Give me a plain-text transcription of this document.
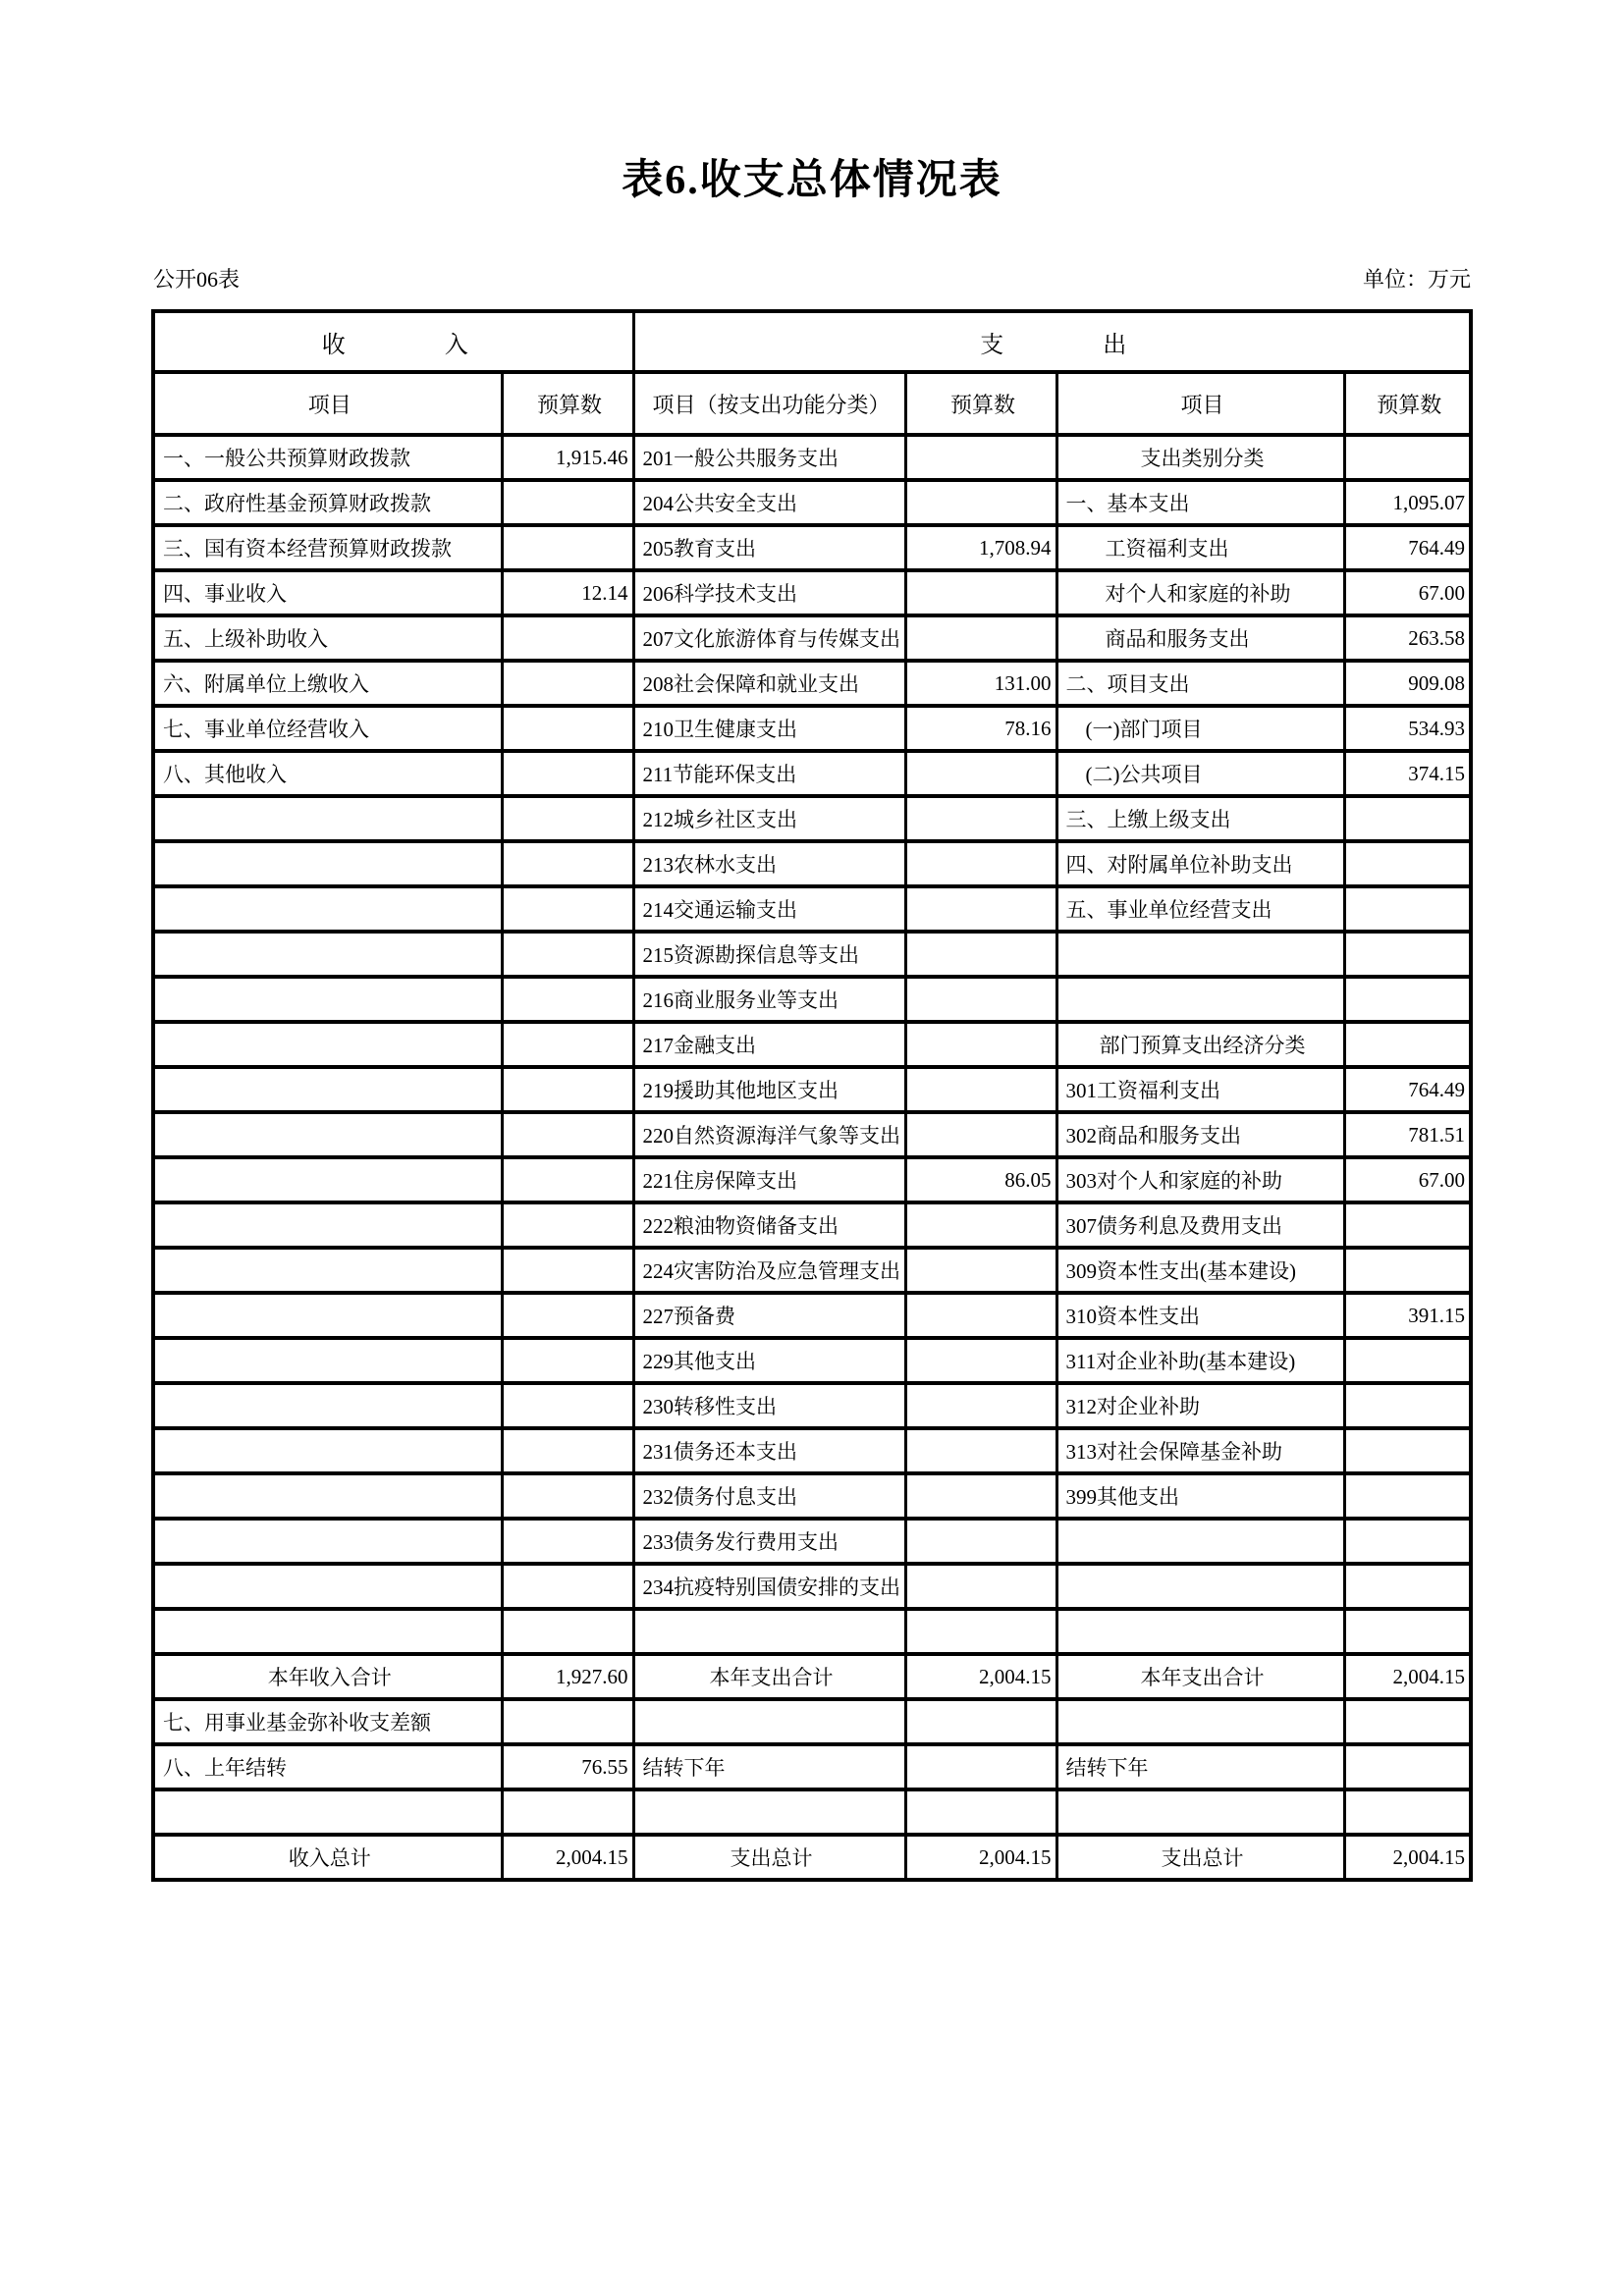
表6.收支总体情况表
公开06表	单位：万元
收　　　　入		支　　　　出			
项目	预算数	项目（按支出功能分类）	预算数	项目	预算数
一、一般公共预算财政拨款	1,915.46	201一般公共服务支出		支出类别分类	
二、政府性基金预算财政拨款		204公共安全支出		一、基本支出	1,095.07
三、国有资本经营预算财政拨款		205教育支出	1,708.94	工资福利支出	764.49
四、事业收入	12.14	206科学技术支出		对个人和家庭的补助	67.00
五、上级补助收入		207文化旅游体育与传媒支出		商品和服务支出	263.58
六、附属单位上缴收入		208社会保障和就业支出	131.00	二、项目支出	909.08
七、事业单位经营收入		210卫生健康支出	78.16	(一)部门项目	534.93
八、其他收入		211节能环保支出		(二)公共项目	374.15
		212城乡社区支出		三、上缴上级支出	
		213农林水支出		四、对附属单位补助支出	
		214交通运输支出		五、事业单位经营支出	
		215资源勘探信息等支出			
		216商业服务业等支出			
		217金融支出		部门预算支出经济分类	
		219援助其他地区支出		301工资福利支出	764.49
		220自然资源海洋气象等支出		302商品和服务支出	781.51
		221住房保障支出	86.05	303对个人和家庭的补助	67.00
		222粮油物资储备支出		307债务利息及费用支出	
		224灾害防治及应急管理支出		309资本性支出(基本建设)	
		227预备费		310资本性支出	391.15
		229其他支出		311对企业补助(基本建设)	
		230转移性支出		312对企业补助	
		231债务还本支出		313对社会保障基金补助	
		232债务付息支出		399其他支出	
		233债务发行费用支出			
		234抗疫特别国债安排的支出			

本年收入合计	1,927.60	本年支出合计	2,004.15	本年支出合计	2,004.15
七、用事业基金弥补收支差额					
八、上年结转	76.55	结转下年		结转下年	

收入总计	2,004.15	支出总计	2,004.15	支出总计	2,004.15
